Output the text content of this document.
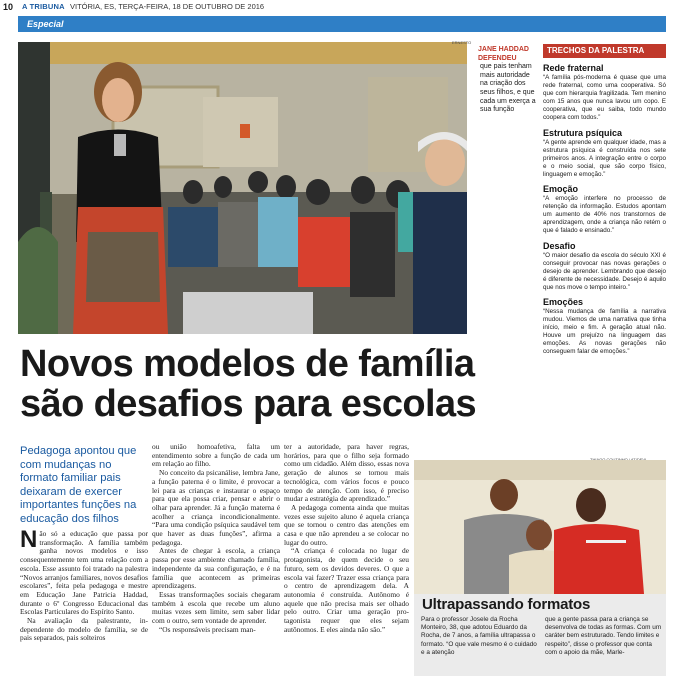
10 A TRIBUNA VITÓRIA, ES, TERÇA-FEIRA, 18 DE OUTUBRO DE 2016
Especial
ERNESTO
JANE HADDAD DEFENDEU
que pais tenham mais autoridade na criação dos seus filhos, e que cada um exerça a sua função
TRECHOS DA PALESTRA
Rede fraternal

“A família pós-moderna é quase que uma rede fraternal, como uma cooperativa. Só que com hierarquia fragilizada. Tem menino com 15 anos que nunca lavou um copo. E cooperativa, que eu saiba, todo mundo coopera com todos.”

Estrutura psíquica

“A gente aprende em qualquer idade, mas a estrutura psíquica é construída nos sete primeiros anos. A integração entre o corpo e o meio social, que são corpo físico, linguagem e emoção.”

Emoção

“A emoção interfere no processo de retenção da informação. Estudos apontam um aumento de 40% nos transtornos de aprendizagem, onde a criança não retém o que é falado e ensinado.”

Desafio

“O maior desafio da escola do século XXI é conseguir provocar nas novas gerações o desejo de aprender. Lembrando que desejo é diferente de necessidade. Desejo é aquilo que nos move o tempo inteiro.”

Emoções

“Nessa mudança de família a narrativa mudou. Viemos de uma narrativa que tinha início, meio e fim. A geração atual não. Houve um prejuízo na linguagem das emoções. As novas gerações não conseguem falar de emoções.”

Novos modelos de família
são desafios para escolas
Pedagoga apontou que com mudanças no formato familiar pais deixaram de exercer importantes funções na educação dos filhos

Não só a educação que passa por transformação. A família também ganha novos modelos e isso consequentemente tem uma relação com a escola. Esse assunto foi tratado na palestra “Novos arranjos familiares, novos desafios escolares”, feita pela pedagoga e mestre em Educação Jane Patricia Haddad, durante o 6º Congresso Educacional das Escolas Particulares do Espírito Santo.

Na avaliação da palestrante, independente do modelo de família, se de pais separados, pais solteiros

ou união homoafetiva, falta um entendimento sobre a função de cada um em relação ao filho.

No conceito da psicanálise, lembra Jane, a função paterna é o limite, é provocar a lei para as crianças e instaurar o espaço para que ela possa criar, pensar e abrir o olhar para aprender. Já a função materna é acolher a criança incondicionalmente. “Para uma condição psíquica saudável tem que haver as duas funções”, afirma a pedagoga.

Antes de chegar à escola, a criança passa por esse ambiente chamado família, independente da sua configuração, e é na família que acontecem as primeiras aprendizagens.

Essas transformações sociais chegaram também à escola que recebe um aluno muitas vezes sem limite, sem saber lidar com o outro, sem vontade de aprender.

“Os responsáveis precisam man-

ter a autoridade, para haver regras, horários, para que o filho seja formado como um cidadão. Além disso, essas nova geração de alunos se tornou mais tecnológica, com vários focos e pouco tempo de atenção. Com isso, é preciso mudar a estratégia de aprendizado.”

A pedagoga comenta ainda que muitas vezes esse sujeito aluno é aquela criança que se tornou o centro das atenções em casa e que não aprendeu a se colocar no lugar do outro.

“A criança é colocada no lugar de protagonista, de quem decide o seu futuro, sem os devidos deveres. O que a escola vai fazer? Trazer essa criança para o centro de aprendizagem dela. A autonomia é construída. Autônomo é aquele que não precisa mais ser olhado pelo outro. Criar uma geração protagonista requer que eles sejam autônomos. E eles ainda não são.”

Ultrapassando formatos
Para o professor Josele da Rocha Monteiro, 38, que adotou Eduardo da Rocha, de 7 anos, a família ultrapassa o formato. “O que vale mesmo é o cuidado e a atenção
que a gente passa para a criança se desenvolva de todas as formas. Com um caráter bem estruturado. Tendo limites e respeito”, disse o professor que conta com o apoio da mãe, Marle-
